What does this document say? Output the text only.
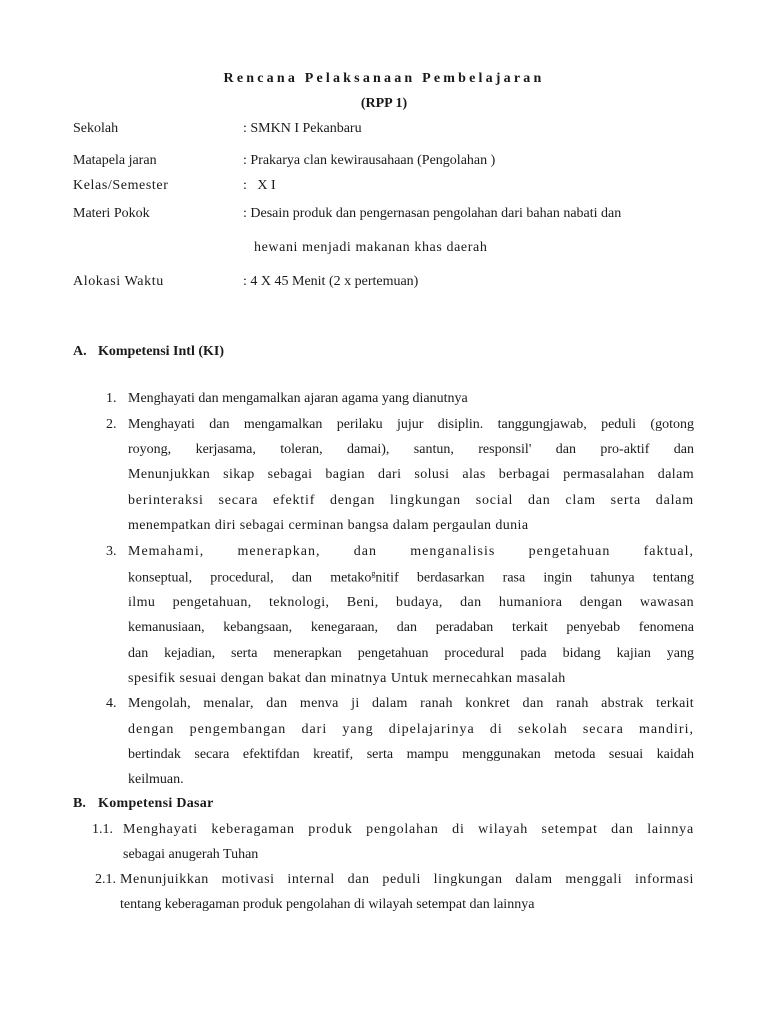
Rencana Pelaksanaan Pembelajaran
(RPP 1)
Sekolah	: SMKN I Pekanbaru
Matapela jaran	: Prakarya clan kewirausahaan (Pengolahan )
Kelas/Semester	:   X I
Materi Pokok	: Desain produk dan pengernasan pengolahan dari bahan nabati dan
hewani menjadi makanan khas daerah
Alokasi Waktu	: 4 X 45 Menit (2 x pertemuan)
A. Kompetensi Intl (KI)
1. Menghayati dan mengamalkan ajaran agama yang dianutnya
2. Menghayati dan mengamalkan perilaku jujur disiplin. tanggungjawab, peduli (gotong
royong, kerjasama, toleran, damai), santun, responsil' dan pro-aktif dan
Menunjukkan sikap sebagai bagian dari solusi alas berbagai permasalahan dalam
berinteraksi secara efektif dengan lingkungan social dan clam serta dalam
menempatkan diri sebagai cerminan bangsa dalam pergaulan dunia
3. Memahami, menerapkan, dan menganalisis pengetahuan faktual,
konseptual, procedural, dan metako$^g$nitif berdasarkan rasa ingin tahunya tentang
ilmu pengetahuan, teknologi, Beni, budaya, dan humaniora dengan wawasan
kemanusiaan, kebangsaan, kenegaraan, dan peradaban terkait penyebab fenomena
dan kejadian, serta menerapkan pengetahuan procedural pada bidang kajian yang
spesifik sesuai dengan bakat dan minatnya Untuk mernecahkan masalah
4. Mengolah, menalar, dan menva ji dalam ranah konkret dan ranah abstrak terkait
dengan pengembangan dari yang dipelajarinya di sekolah secara mandiri,
bertindak secara efektifdan kreatif, serta mampu menggunakan metoda sesuai kaidah
keilmuan.
B. Kompetensi Dasar
1.1. Menghayati keberagaman produk pengolahan di wilayah setempat dan lainnya
sebagai anugerah Tuhan
2.1. Menunjuikkan motivasi internal dan peduli lingkungan dalam menggali informasi
tentang keberagaman produk pengolahan di wilayah setempat dan lainnya
